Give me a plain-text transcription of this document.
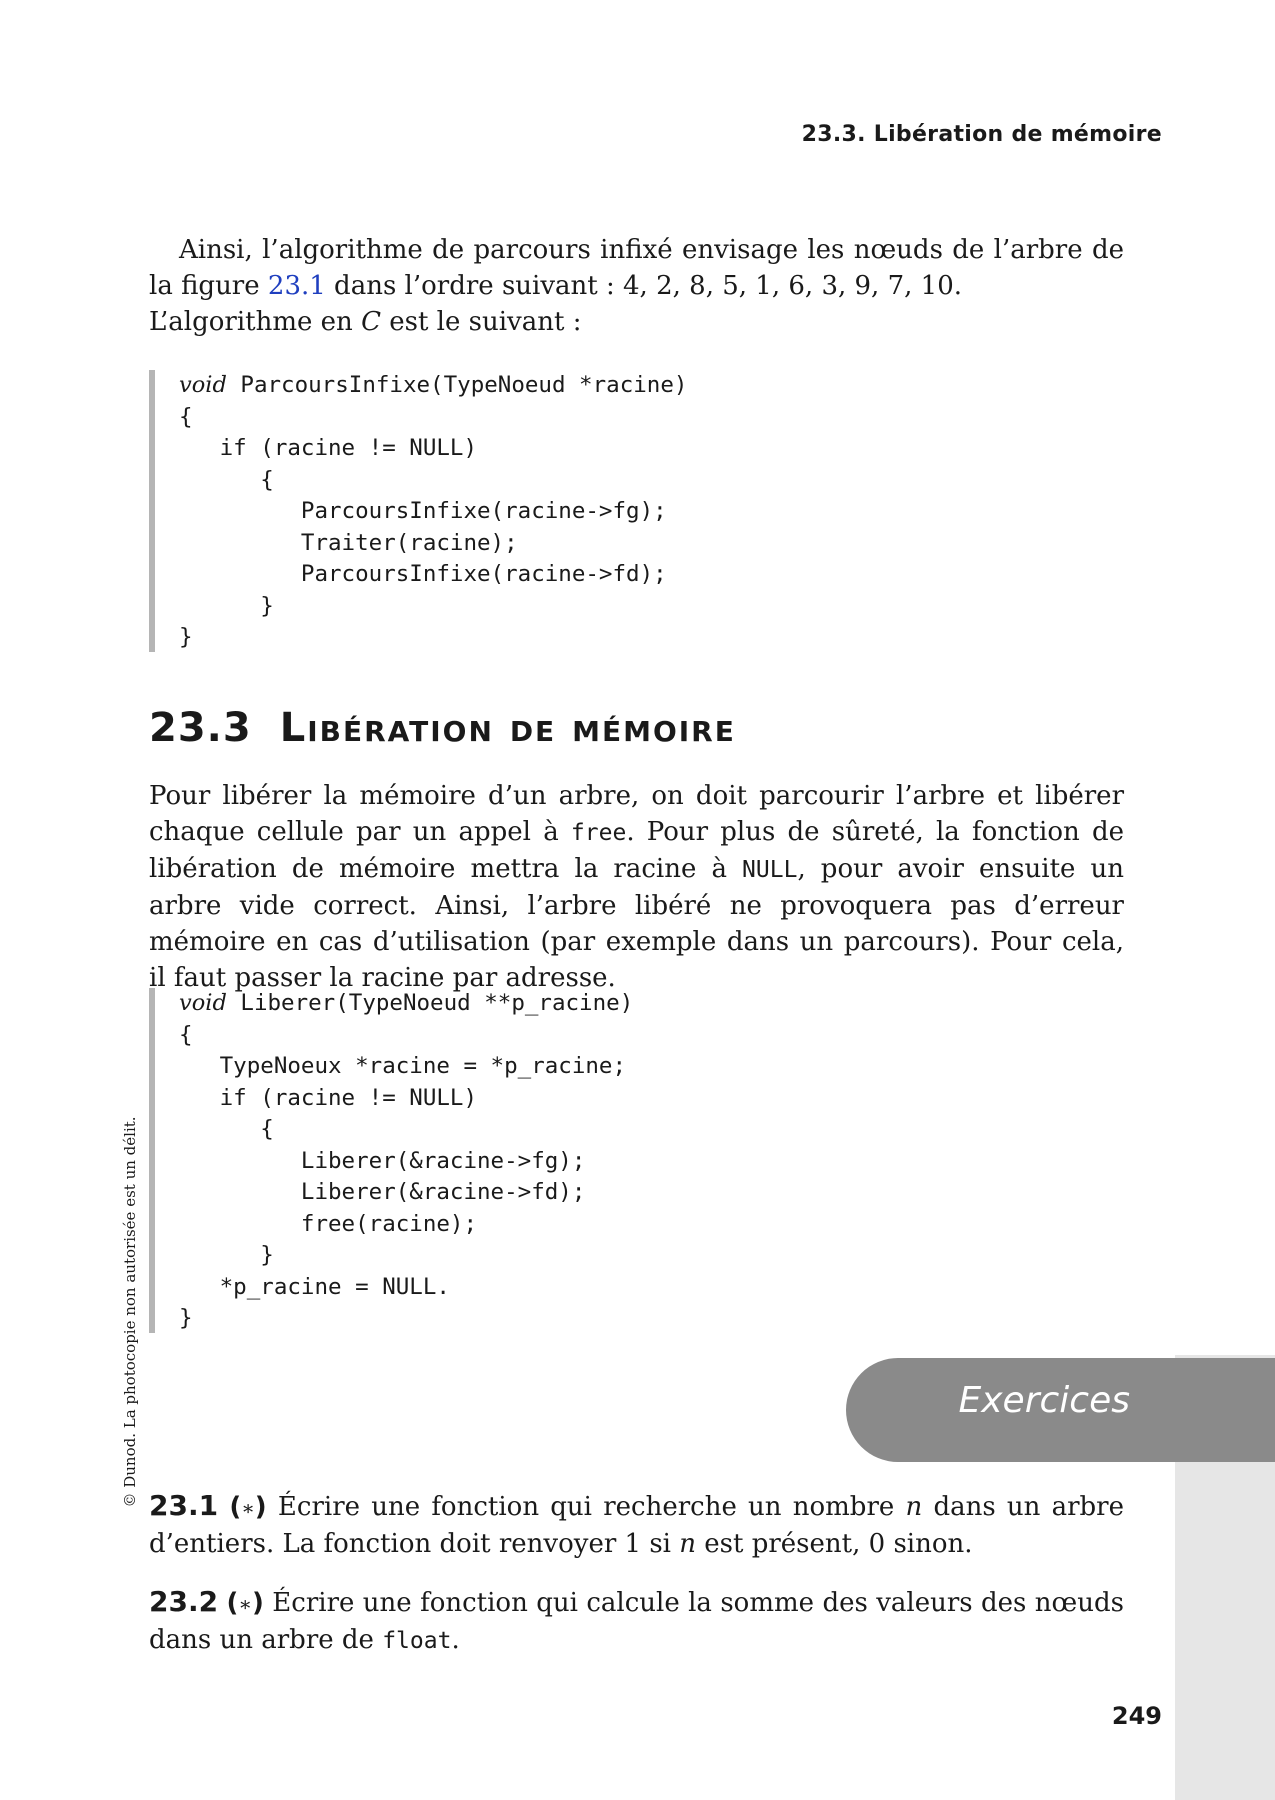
23.3. Libération de mémoire

Ainsi, l’algorithme de parcours infixé envisage les nœuds de l’arbre de la figure 23.1 dans l’ordre suivant : 4, 2, 8, 5, 1, 6, 3, 9, 7, 10.

L’algorithme en C est le suivant :

void ParcoursInfixe(TypeNoeud *racine)
{
if (racine != NULL)
{
ParcoursInfixe(racine->fg);
Traiter(racine);
ParcoursInfixe(racine->fd);
}
}
23.3 Libération de mémoire

Pour libérer la mémoire d’un arbre, on doit parcourir l’arbre et libérer chaque cellule par un appel à free. Pour plus de sûreté, la fonction de libération de mémoire mettra la racine à NULL, pour avoir ensuite un arbre vide correct. Ainsi, l’arbre libéré ne provoquera pas d’erreur mémoire en cas d’utilisation (par exemple dans un parcours). Pour cela, il faut passer la racine par adresse.

void Liberer(TypeNoeud **p_racine)
{
TypeNoeux *racine = *p_racine;
if (racine != NULL)
{
Liberer(&racine->fg);
Liberer(&racine->fd);
free(racine);
}
*p_racine = NULL.
}
© Dunod. La photocopie non autorisée est un délit.	Exercices

23.1 (∗) Écrire une fonction qui recherche un nombre n dans un arbre d’entiers. La fonction doit renvoyer 1 si n est présent, 0 sinon.

23.2 (∗) Écrire une fonction qui calcule la somme des valeurs des nœuds dans un arbre de float.

249
